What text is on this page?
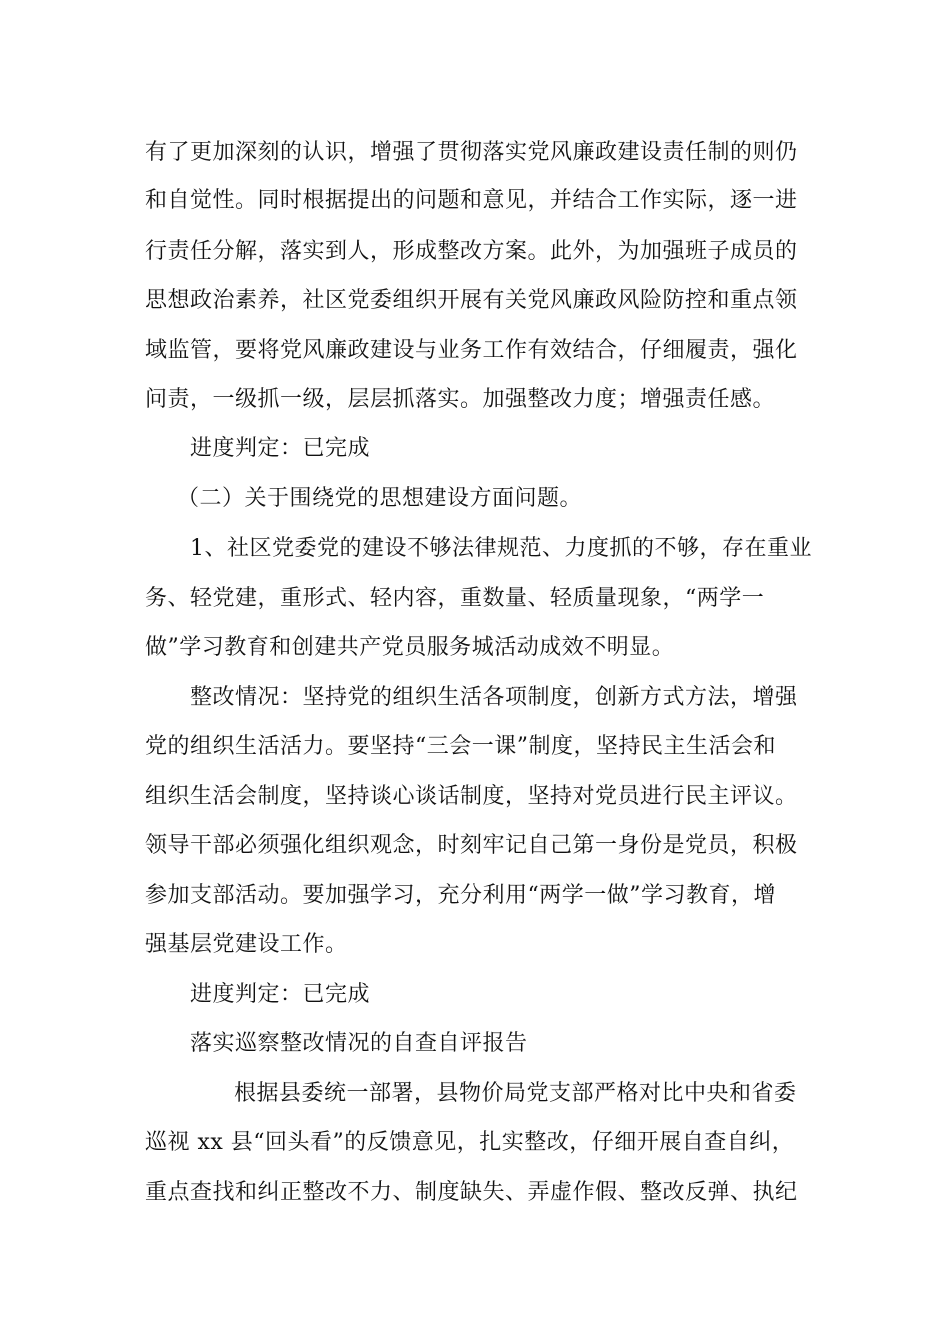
有了更加深刻的认识，增强了贯彻落实党风廉政建设责任制的则仍
和自觉性。同时根据提出的问题和意见，并结合工作实际，逐一进
行责任分解，落实到人，形成整改方案。此外，为加强班子成员的
思想政治素养，社区党委组织开展有关党风廉政风险防控和重点领
域监管，要将党风廉政建设与业务工作有效结合，仔细履责，强化
问责，一级抓一级，层层抓落实。加强整改力度；增强责任感。
进度判定：已完成
（二）关于围绕党的思想建设方面问题。
1、社区党委党的建设不够法律规范、力度抓的不够，存在重业
务、轻党建，重形式、轻内容，重数量、轻质量现象，“两学一
做”学习教育和创建共产党员服务城活动成效不明显。
整改情况：坚持党的组织生活各项制度，创新方式方法，增强
党的组织生活活力。要坚持“三会一课”制度，坚持民主生活会和
组织生活会制度，坚持谈心谈话制度，坚持对党员进行民主评议。
领导干部必须强化组织观念，时刻牢记自己第一身份是党员，积极
参加支部活动。要加强学习，充分利用“两学一做”学习教育，增
强基层党建设工作。
进度判定：已完成
落实巡察整改情况的自查自评报告
根据县委统一部署，县物价局党支部严格对比中央和省委
巡视 xx 县“回头看”的反馈意见，扎实整改，仔细开展自查自纠，
重点查找和纠正整改不力、制度缺失、弄虚作假、整改反弹、执纪
